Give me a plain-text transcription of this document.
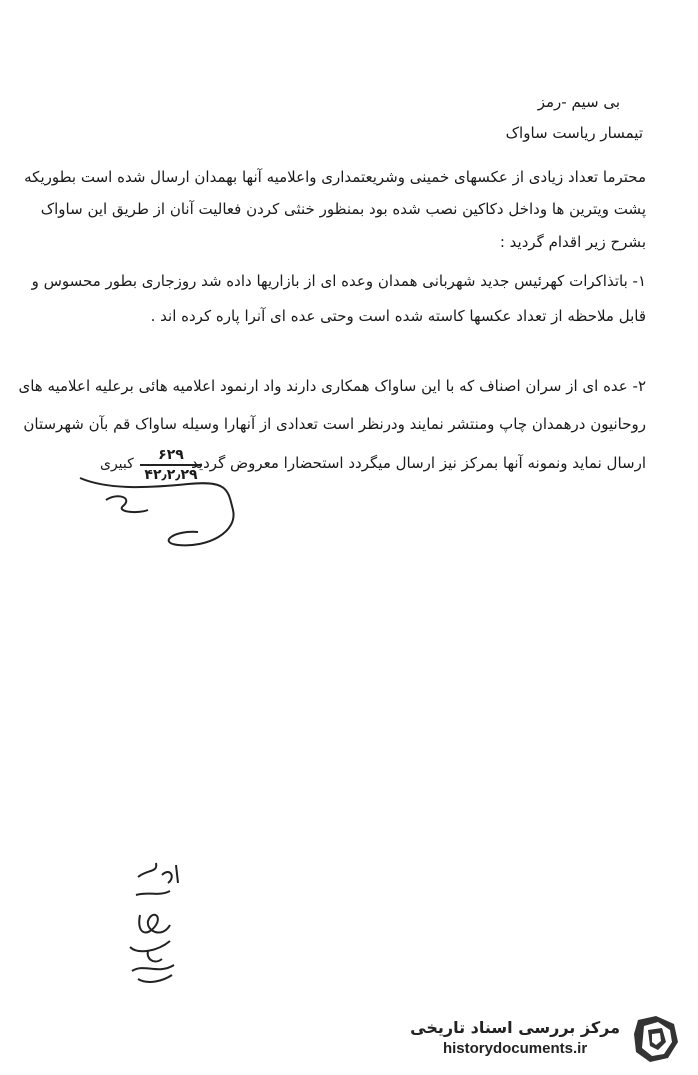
بی سیم -رمز

تیمسار ریاست ساواک

محترما تعداد زیادی از عکسهای خمینی وشریعتمداری واعلامیه آنها بهمدان ارسال شده است بطوریکه

پشت ویترین ها وداخل دکاکین نصب شده بود بمنظور خنثی کردن فعالیت آنان از طریق این ساواک

بشرح زیر اقدام گردید :

۱- باتذاکرات کهرئیس جدید شهربانی همدان وعده ای از بازاریها داده شد روزجاری بطور محسوس و

قابل ملاحظه از تعداد عکسها کاسته شده است وحتی عده ای آنرا پاره کرده اند .

۲- عده ای از سران اصناف که با این ساواک همکاری دارند واد ارنمود اعلامیه هائی برعلیه اعلامیه های

روحانیون درهمدان چاپ ومنتشر نمایند ودرنظر است تعدادی از آنهارا وسیله ساواک قم بآن شهرستان

ارسال نماید ونمونه آنها بمرکز نیز ارسال میگردد استحضارا معروض گردید

۶۲۹
۴۲٫۲٫۲۹
کبیری
مرکز بررسی اسناد تاریخی
historydocuments.ir
